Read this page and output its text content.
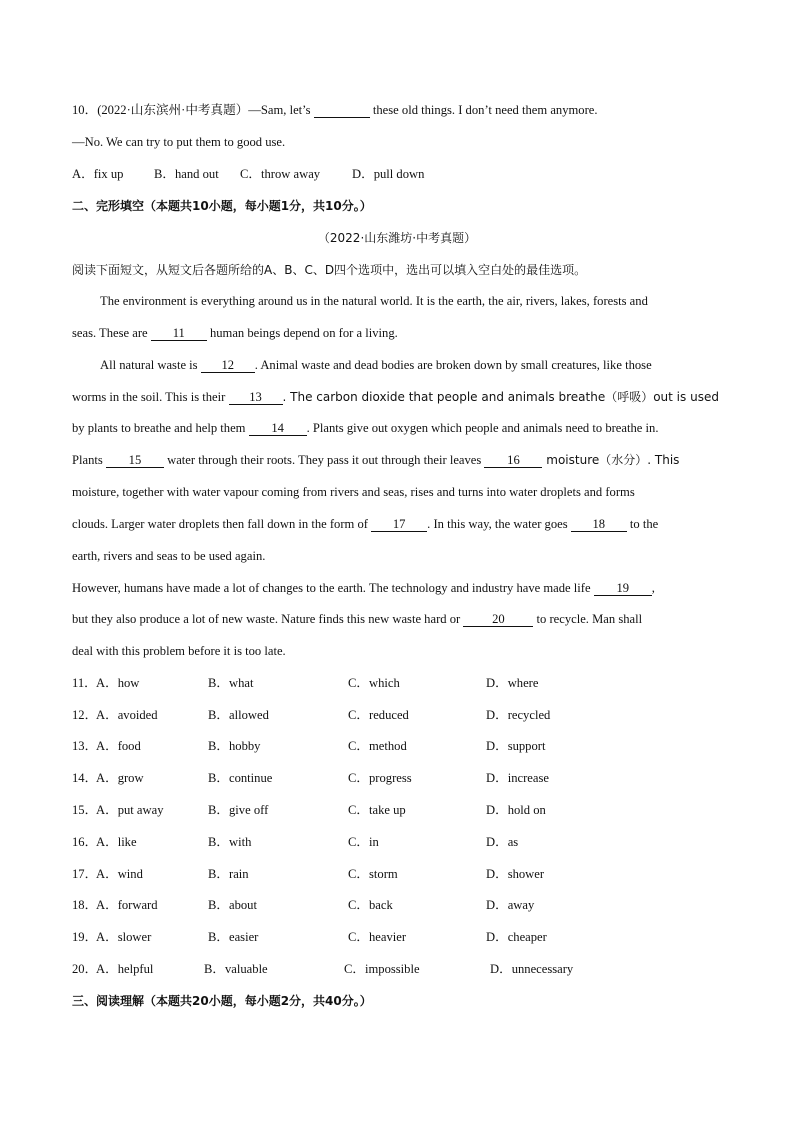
10．(2022·山东滨州·中考真题）—Sam, let’s	these old things. I don’t need them anymore.
—No. We can try to put them to good use.
A．fix up B．hand out C．throw away	D．pull down
二、完形填空（本题共10小题，每小题1分，共10分。）
（2022·山东潍坊·中考真题）
阅读下面短文，从短文后各题所给的A、B、C、D四个选项中，选出可以填入空白处的最佳选项。
The environment is everything around us in the natural world. It is the earth, the air, rivers, lakes, forests and
seas. These are 11 human beings depend on for a living.
All natural waste is 12 . Animal waste and dead bodies are broken down by small creatures, like those
worms in the soil. This is their 13 . The carbon dioxide that people and animals breathe（呼吸）out is used
by plants to breathe and help them 14 . Plants give out oxygen which people and animals need to breathe in.
Plants 15 water through their roots. They pass it out through their leaves 16 moisture（水分）. This
moisture, together with water vapour coming from rivers and seas, rises and turns into water droplets and forms
clouds. Larger water droplets then fall down in the form of 17 . In this way, the water goes 18 to the
earth, rivers and seas to be used again.
However, humans have made a lot of changes to the earth. The technology and industry have made life 19 ,
but they also produce a lot of new waste. Nature finds this new waste hard or 20 to recycle. Man shall
deal with this problem before it is too late.
11． A．how	B．what	C．which	D．where
12．
A．avoided	B．allowed	C．reduced	D．recycled
13．
A．food	B．hobby	C．method	D．support
14．
A．grow	B．continue	C．progress	D．increase
15．
A．put away	B．give off	C．take up	D．hold on
16．
A．like	B．with	C．in	D．as
17．
A．wind	B．rain	C．storm	D．shower
18．
A．forward	B．about	C．back	D．away
19．
A．slower	B．easier	C．heavier	D．cheaper
20．
A．helpful	B．valuable	C．impossible	D．unnecessary
三、阅读理解（本题共20小题，每小题2分，共40分。）
